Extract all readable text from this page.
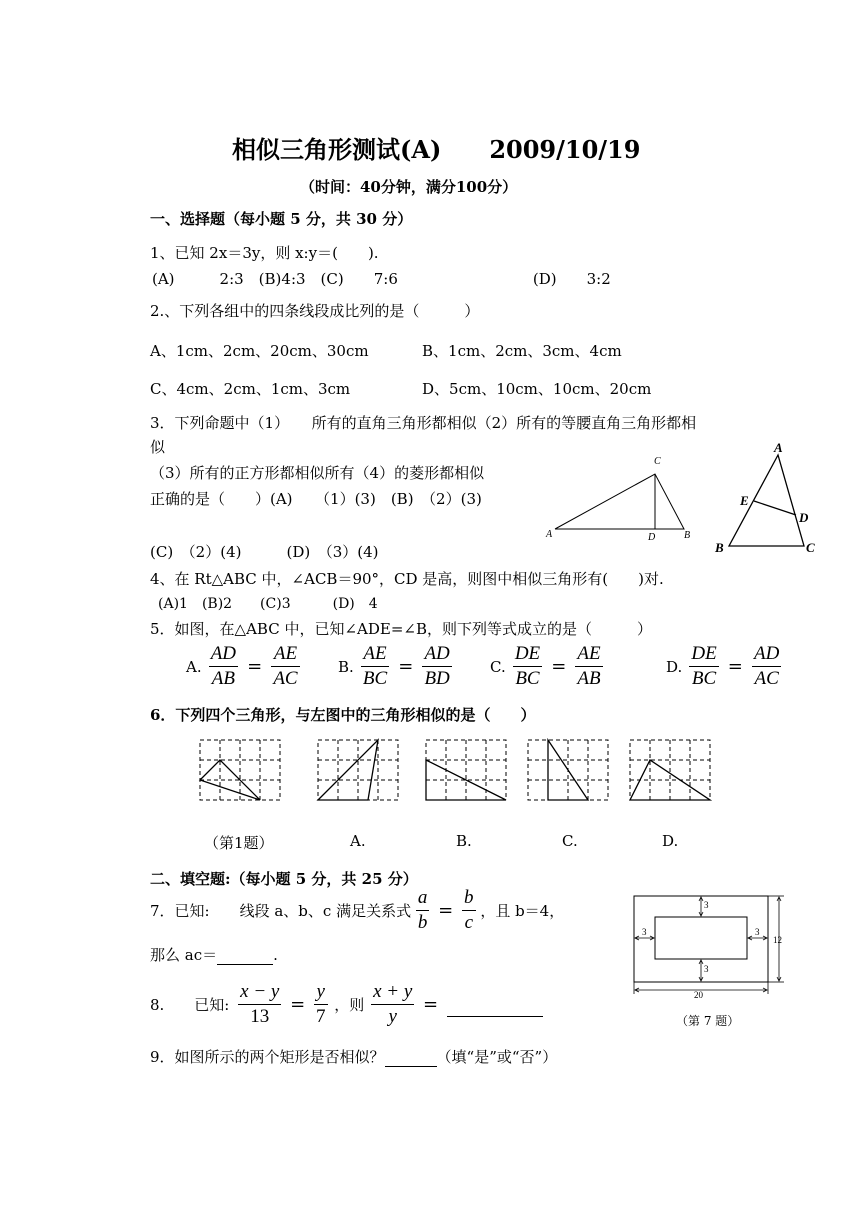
相似三角形测试(A)　　2009/10/19
（时间：40分钟，满分100分）
一、选择题（每小题 5 分，共 30 分）
1、已知 2x＝3y，则 x:y＝(　　).
(A)　　　2:3　(B)4:3　(C)　　7:6　　　　　　　　　(D)　　3:2
2.、下列各组中的四条线段成比列的是（　　　）
A、1cm、2cm、20cm、30cm	B、1cm、2cm、3cm、4cm
C、4cm、2cm、1cm、3cm	D、5cm、10cm、10cm、20cm
3．下列命题中（1）　　所有的直角三角形都相似（2）所有的等腰直角三角形都相
似
（3）所有的正方形都相似所有（4）的菱形都相似
正确的是（　　）(A)　　（1）(3)　(B)　（2）(3)
(C)　（2）(4)　　　(D)　（3）(4)
C
A	D	B
A
E
D
B	C
4、在 Rt△ABC 中，∠ACB＝90°，CD 是高，则图中相似三角形有(　　)对.
(A)1　(B)2　　(C)3　　　(D)　4
5．如图，在△ABC 中，已知∠ADE=∠B，则下列等式成立的是（　　　）
A. $\frac{AD}{AB} = \frac{AE}{AC}$	B. $\frac{AE}{BC} = \frac{AD}{BD}$	C. $\frac{DE}{BC} = \frac{AE}{AB}$	D. $\frac{DE}{BC} = \frac{AD}{AC}$
6．下列四个三角形，与左图中的三角形相似的是（　　）
（第1题）	A.	B.	C.	D.
二、填空题:（每小题 5 分，共 25 分）
7．已知:　　线段 a、b、c 满足关系式 $\frac{a}{b} = \frac{b}{c}$ ，且 b＝4，
那么 ac＝	.
3
3
3	3
12
20
（第 7 题）
8.　　已知: $\frac{x - y}{13} = \frac{y}{7}$ ，则 $\frac{x + y}{y}$ =
9．如图所示的两个矩形是否相似？	（填“是”或“否”）
